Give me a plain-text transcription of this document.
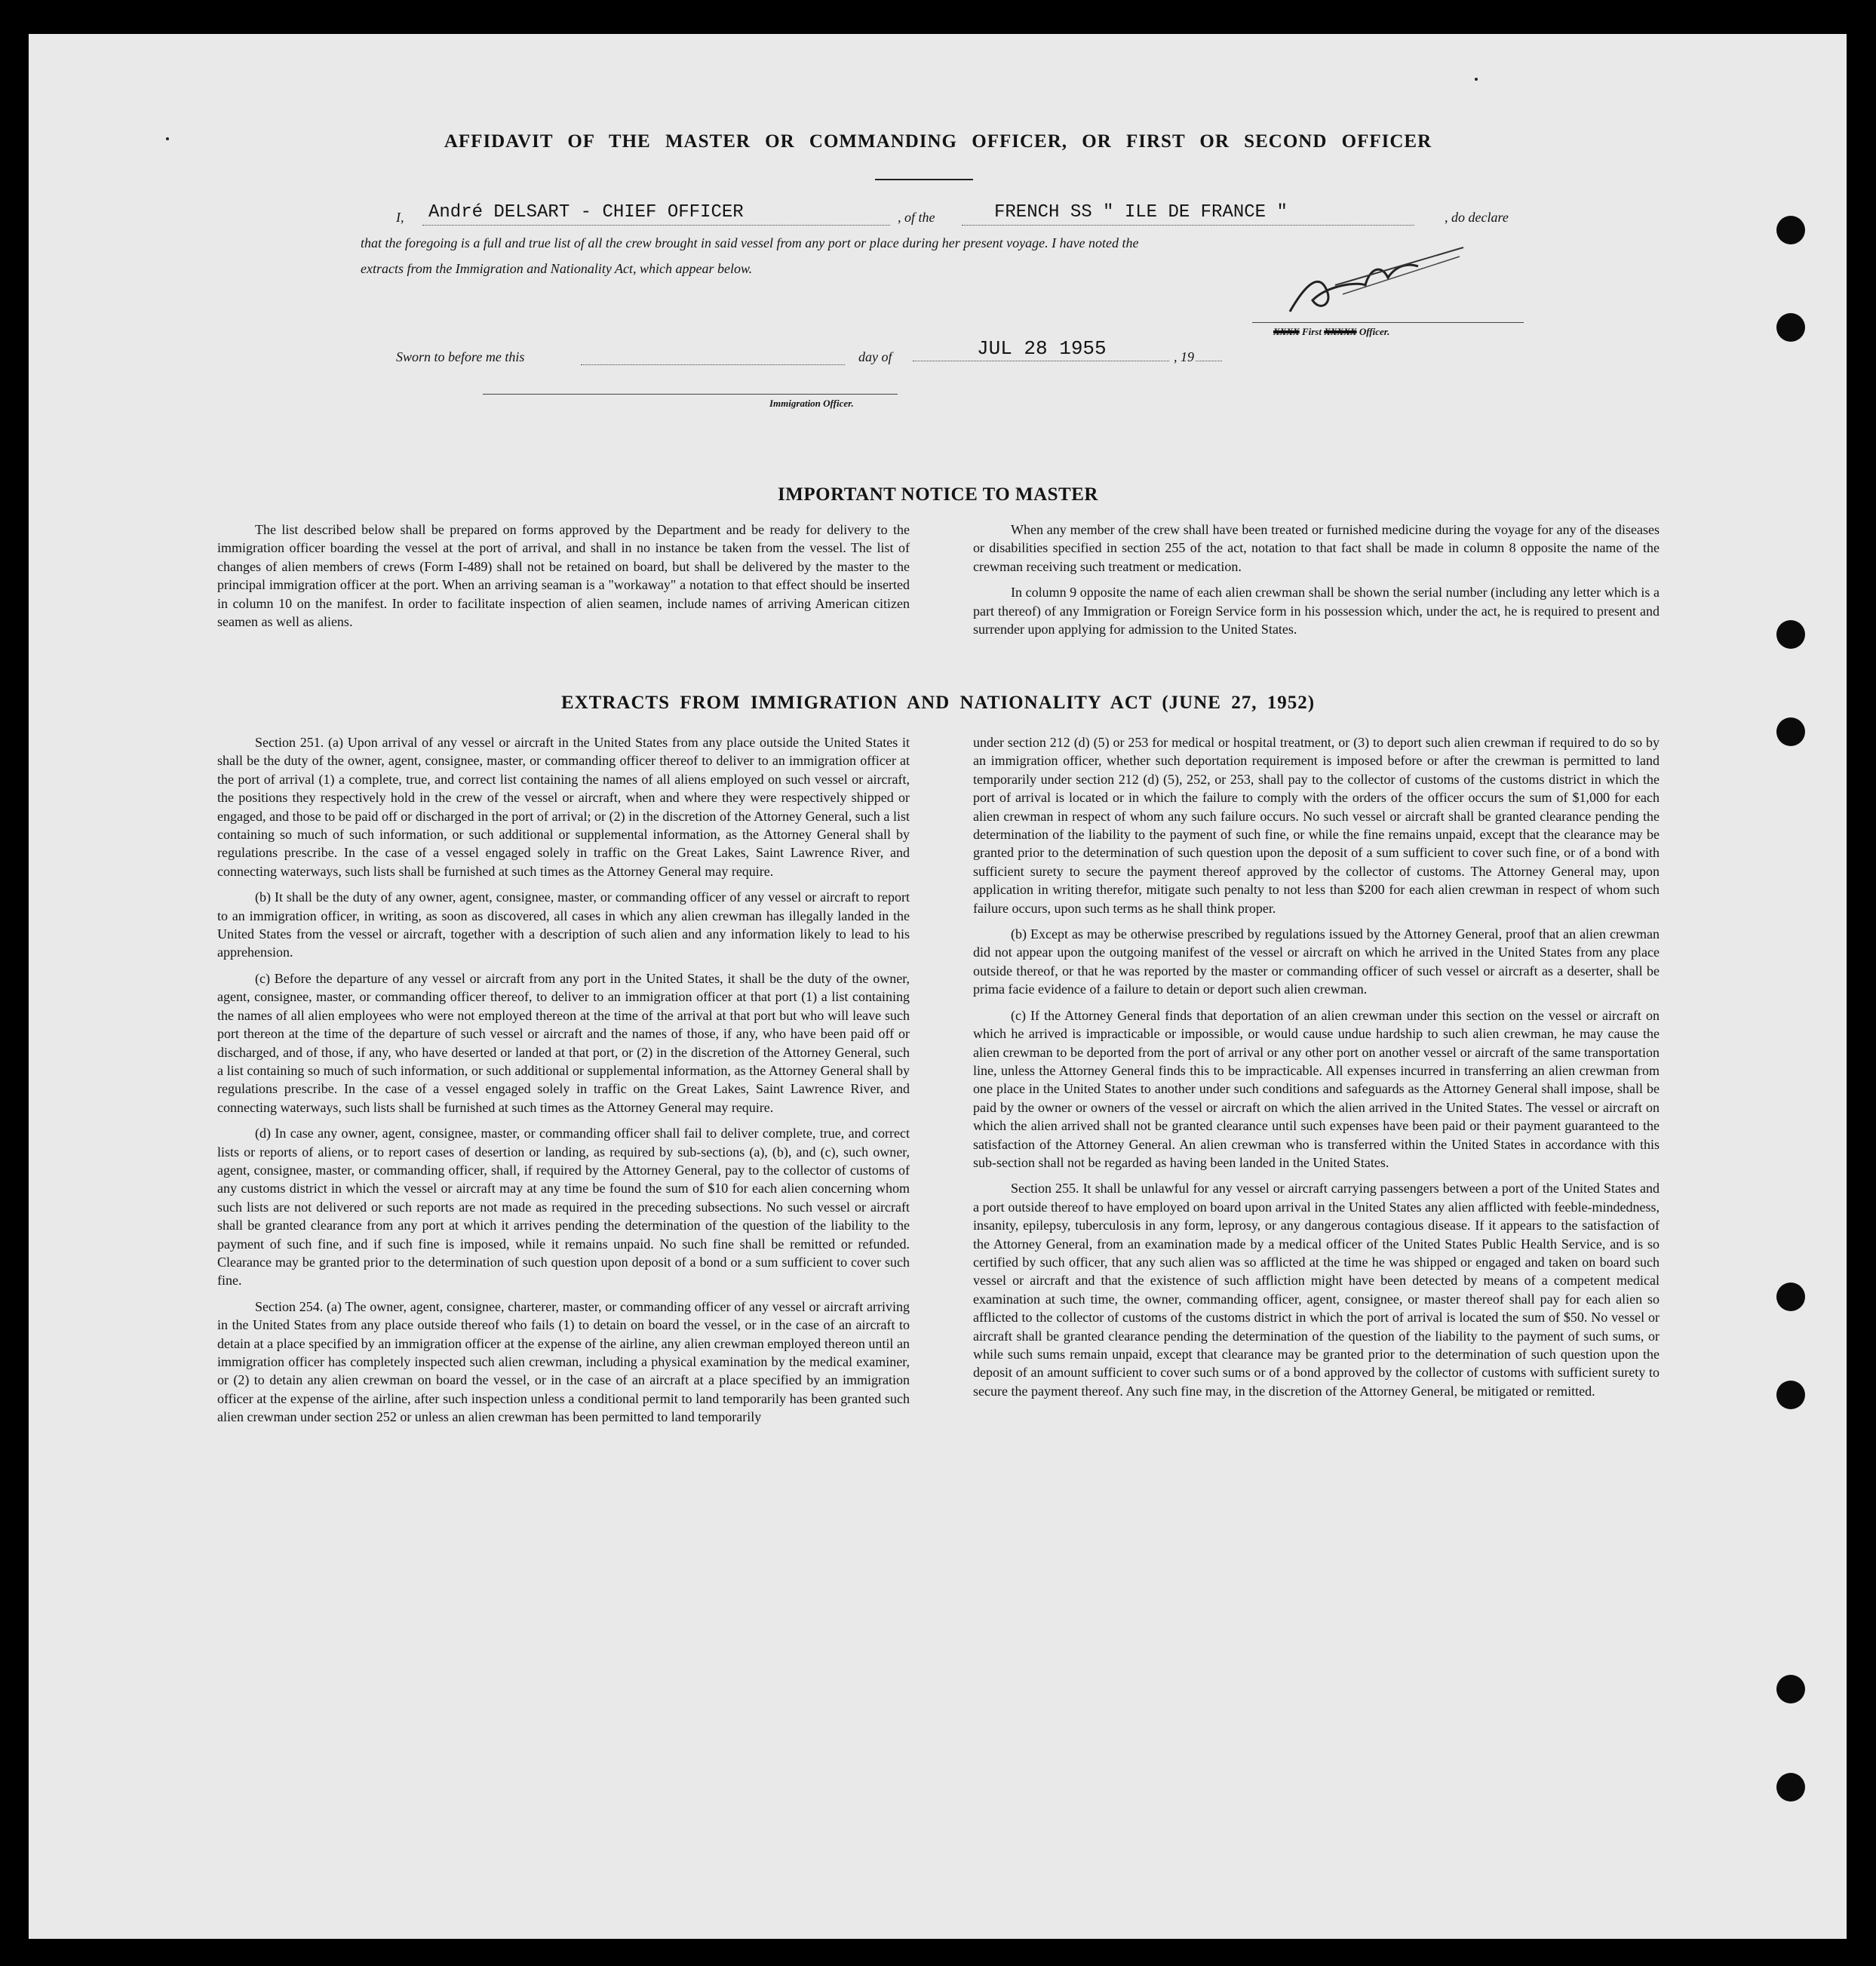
AFFIDAVIT OF THE MASTER OR COMMANDING OFFICER, OR FIRST OR SECOND OFFICER
I, André DELSART - CHIEF OFFICER	, of the	FRENCH SS " ILE DE FRANCE "	, do declare
that the foregoing is a full and true list of all the crew brought in said vessel from any port or place during her present voyage. I have noted the
extracts from the Immigration and Nationality Act, which appear below.
XXXX First XXXXX Officer.
Sworn to before me this	day of	JUL 28 1955	, 19
Immigration Officer.
IMPORTANT NOTICE TO MASTER

The list described below shall be prepared on forms approved by the Department and be ready for delivery to the immigration officer boarding the vessel at the port of arrival, and shall in no instance be taken from the vessel. The list of changes of alien members of crews (Form I-489) shall not be retained on board, but shall be delivered by the master to the principal immigration officer at the port. When an arriving seaman is a "workaway" a notation to that effect should be inserted in column 10 on the manifest. In order to facilitate inspection of alien seamen, include names of arriving American citizen seamen as well as aliens.

When any member of the crew shall have been treated or furnished medicine during the voyage for any of the diseases or disabilities specified in section 255 of the act, notation to that fact shall be made in column 8 opposite the name of the crewman receiving such treatment or medication.

In column 9 opposite the name of each alien crewman shall be shown the serial number (including any letter which is a part thereof) of any Immigration or Foreign Service form in his possession which, under the act, he is required to present and surrender upon applying for admission to the United States.

EXTRACTS FROM IMMIGRATION AND NATIONALITY ACT (JUNE 27, 1952)

Section 251. (a) Upon arrival of any vessel or aircraft in the United States from any place outside the United States it shall be the duty of the owner, agent, consignee, master, or commanding officer thereof to deliver to an immigration officer at the port of arrival (1) a complete, true, and correct list containing the names of all aliens employed on such vessel or aircraft, the positions they respectively hold in the crew of the vessel or aircraft, when and where they were respectively shipped or engaged, and those to be paid off or discharged in the port of arrival; or (2) in the discretion of the Attorney General, such a list containing so much of such information, or such additional or supplemental information, as the Attorney General shall by regulations prescribe. In the case of a vessel engaged solely in traffic on the Great Lakes, Saint Lawrence River, and connecting waterways, such lists shall be furnished at such times as the Attorney General may require.

(b) It shall be the duty of any owner, agent, consignee, master, or commanding officer of any vessel or aircraft to report to an immigration officer, in writing, as soon as discovered, all cases in which any alien crewman has illegally landed in the United States from the vessel or aircraft, together with a description of such alien and any information likely to lead to his apprehension.

(c) Before the departure of any vessel or aircraft from any port in the United States, it shall be the duty of the owner, agent, consignee, master, or commanding officer thereof, to deliver to an immigration officer at that port (1) a list containing the names of all alien employees who were not employed thereon at the time of the arrival at that port but who will leave such port thereon at the time of the departure of such vessel or aircraft and the names of those, if any, who have been paid off or discharged, and of those, if any, who have deserted or landed at that port, or (2) in the discretion of the Attorney General, such a list containing so much of such information, or such additional or supplemental information, as the Attorney General shall by regulations prescribe. In the case of a vessel engaged solely in traffic on the Great Lakes, Saint Lawrence River, and connecting waterways, such lists shall be furnished at such times as the Attorney General may require.

(d) In case any owner, agent, consignee, master, or commanding officer shall fail to deliver complete, true, and correct lists or reports of aliens, or to report cases of desertion or landing, as required by sub-sections (a), (b), and (c), such owner, agent, consignee, master, or commanding officer, shall, if required by the Attorney General, pay to the collector of customs of any customs district in which the vessel or aircraft may at any time be found the sum of $10 for each alien concerning whom such lists are not delivered or such reports are not made as required in the preceding subsections. No such vessel or aircraft shall be granted clearance from any port at which it arrives pending the determination of the question of the liability to the payment of such fine, and if such fine is imposed, while it remains unpaid. No such fine shall be remitted or refunded. Clearance may be granted prior to the determination of such question upon deposit of a bond or a sum sufficient to cover such fine.

Section 254. (a) The owner, agent, consignee, charterer, master, or commanding officer of any vessel or aircraft arriving in the United States from any place outside thereof who fails (1) to detain on board the vessel, or in the case of an aircraft to detain at a place specified by an immigration officer at the expense of the airline, any alien crewman employed thereon until an immigration officer has completely inspected such alien crewman, including a physical examination by the medical examiner, or (2) to detain any alien crewman on board the vessel, or in the case of an aircraft at a place specified by an immigration officer at the expense of the airline, after such inspection unless a conditional permit to land temporarily has been granted such alien crewman under section 252 or unless an alien crewman has been permitted to land temporarily

under section 212 (d) (5) or 253 for medical or hospital treatment, or (3) to deport such alien crewman if required to do so by an immigration officer, whether such deportation requirement is imposed before or after the crewman is permitted to land temporarily under section 212 (d) (5), 252, or 253, shall pay to the collector of customs of the customs district in which the port of arrival is located or in which the failure to comply with the orders of the officer occurs the sum of $1,000 for each alien crewman in respect of whom any such failure occurs. No such vessel or aircraft shall be granted clearance pending the determination of the liability to the payment of such fine, or while the fine remains unpaid, except that the clearance may be granted prior to the determination of such question upon the deposit of a sum sufficient to cover such fine, or of a bond with sufficient surety to secure the payment thereof approved by the collector of customs. The Attorney General may, upon application in writing therefor, mitigate such penalty to not less than $200 for each alien crewman in respect of whom such failure occurs, upon such terms as he shall think proper.

(b) Except as may be otherwise prescribed by regulations issued by the Attorney General, proof that an alien crewman did not appear upon the outgoing manifest of the vessel or aircraft on which he arrived in the United States from any place outside thereof, or that he was reported by the master or commanding officer of such vessel or aircraft as a deserter, shall be prima facie evidence of a failure to detain or deport such alien crewman.

(c) If the Attorney General finds that deportation of an alien crewman under this section on the vessel or aircraft on which he arrived is impracticable or impossible, or would cause undue hardship to such alien crewman, he may cause the alien crewman to be deported from the port of arrival or any other port on another vessel or aircraft of the same transportation line, unless the Attorney General finds this to be impracticable. All expenses incurred in transferring an alien crewman from one place in the United States to another under such conditions and safeguards as the Attorney General shall impose, shall be paid by the owner or owners of the vessel or aircraft on which the alien arrived in the United States. The vessel or aircraft on which the alien arrived shall not be granted clearance until such expenses have been paid or their payment guaranteed to the satisfaction of the Attorney General. An alien crewman who is transferred within the United States in accordance with this sub-section shall not be regarded as having been landed in the United States.

Section 255. It shall be unlawful for any vessel or aircraft carrying passengers between a port of the United States and a port outside thereof to have employed on board upon arrival in the United States any alien afflicted with feeble-mindedness, insanity, epilepsy, tuberculosis in any form, leprosy, or any dangerous contagious disease. If it appears to the satisfaction of the Attorney General, from an examination made by a medical officer of the United States Public Health Service, and is so certified by such officer, that any such alien was so afflicted at the time he was shipped or engaged and taken on board such vessel or aircraft and that the existence of such affliction might have been detected by means of a competent medical examination at such time, the owner, commanding officer, agent, consignee, or master thereof shall pay for each alien so afflicted to the collector of customs of the customs district in which the port of arrival is located the sum of $50. No vessel or aircraft shall be granted clearance pending the determination of the question of the liability to the payment of such sums, or while such sums remain unpaid, except that clearance may be granted prior to the determination of such question upon the deposit of an amount sufficient to cover such sums or of a bond approved by the collector of customs with sufficient surety to secure the payment thereof. Any such fine may, in the discretion of the Attorney General, be mitigated or remitted.
